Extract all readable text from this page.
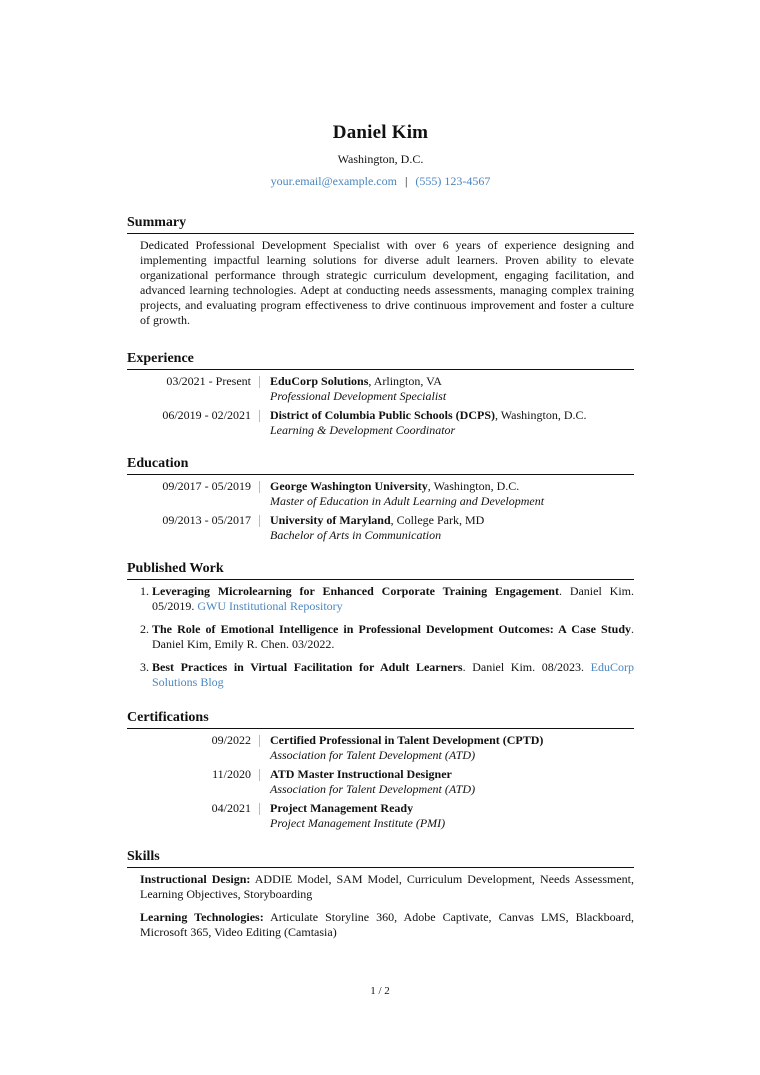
Daniel Kim
Washington, D.C.
your.email@example.com | (555) 123-4567
Summary
Dedicated Professional Development Specialist with over 6 years of experience designing and implementing impactful learning solutions for diverse adult learners. Proven ability to elevate organizational performance through strategic curriculum development, engaging facilitation, and advanced learning technologies. Adept at conducting needs assessments, managing complex training projects, and evaluating program effectiveness to drive continuous improvement and foster a culture of growth.
Experience
03/2021 - Present	EduCorp Solutions, Arlington, VA
Professional Development Specialist
06/2019 - 02/2021	District of Columbia Public Schools (DCPS), Washington, D.C.
Learning & Development Coordinator
Education
09/2017 - 05/2019	George Washington University, Washington, D.C.
Master of Education in Adult Learning and Development
09/2013 - 05/2017	University of Maryland, College Park, MD
Bachelor of Arts in Communication
Published Work
Leveraging Microlearning for Enhanced Corporate Training Engagement. Daniel Kim. 05/2019. GWU Institutional Repository
The Role of Emotional Intelligence in Professional Development Outcomes: A Case Study. Daniel Kim, Emily R. Chen. 03/2022.
Best Practices in Virtual Facilitation for Adult Learners. Daniel Kim. 08/2023. EduCorp Solutions Blog
Certifications
09/2022	Certified Professional in Talent Development (CPTD)
Association for Talent Development (ATD)
11/2020	ATD Master Instructional Designer
Association for Talent Development (ATD)
04/2021	Project Management Ready
Project Management Institute (PMI)
Skills
Instructional Design: ADDIE Model, SAM Model, Curriculum Development, Needs Assessment, Learning Objectives, Storyboarding
Learning Technologies: Articulate Storyline 360, Adobe Captivate, Canvas LMS, Blackboard, Microsoft 365, Video Editing (Camtasia)
1 / 2
